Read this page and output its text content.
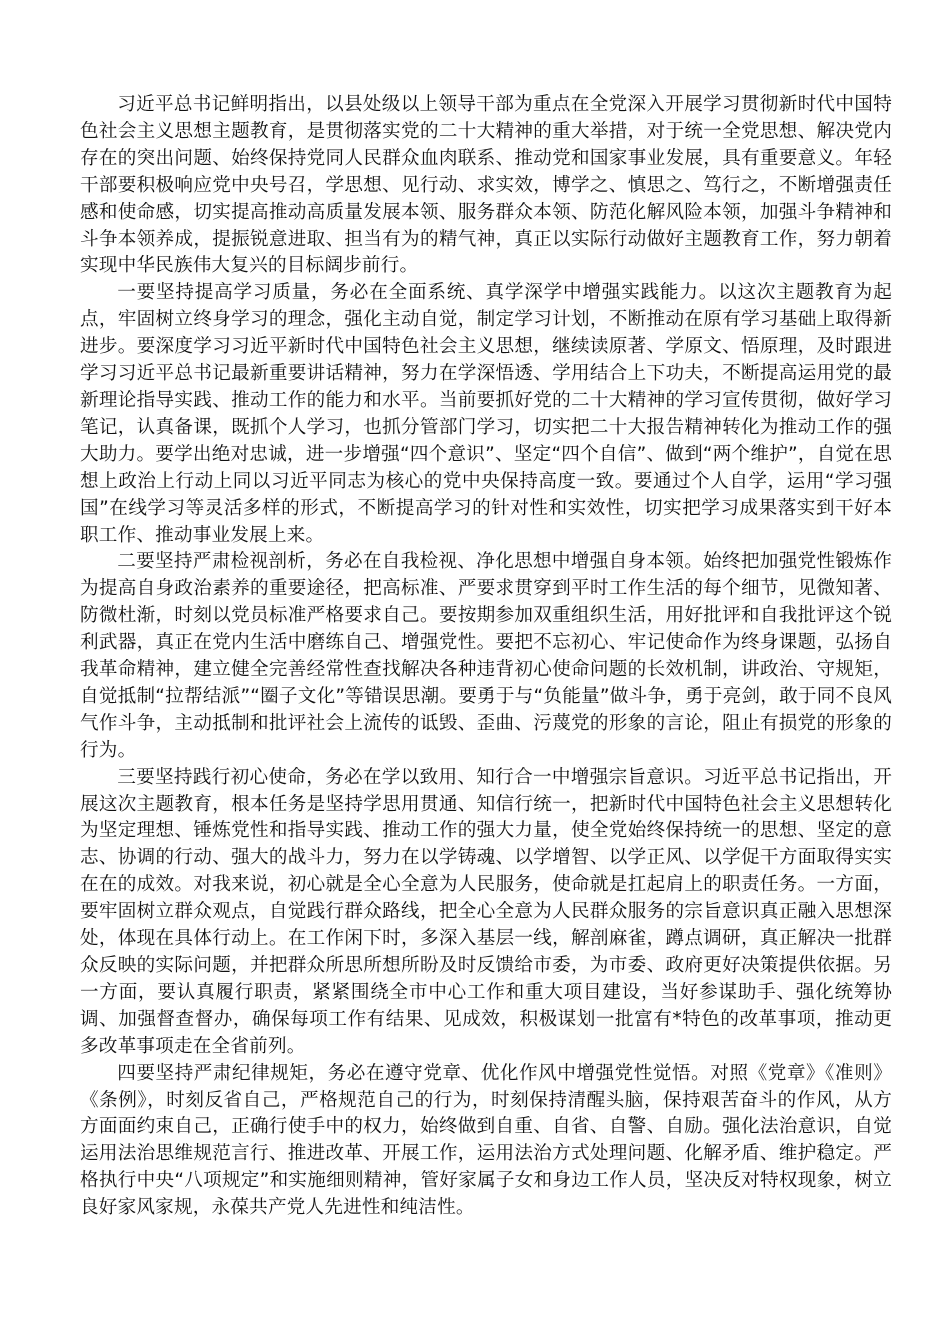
习近平总书记鲜明指出，以县处级以上领导干部为重点在全党深入开展学习贯彻新时代中国特色社会主义思想主题教育，是贯彻落实党的二十大精神的重大举措，对于统一全党思想、解决党内存在的突出问题、始终保持党同人民群众血肉联系、推动党和国家事业发展，具有重要意义。年轻干部要积极响应党中央号召，学思想、见行动、求实效，博学之、慎思之、笃行之，不断增强责任感和使命感，切实提高推动高质量发展本领、服务群众本领、防范化解风险本领，加强斗争精神和斗争本领养成，提振锐意进取、担当有为的精气神，真正以实际行动做好主题教育工作，努力朝着实现中华民族伟大复兴的目标阔步前行。

一要坚持提高学习质量，务必在全面系统、真学深学中增强实践能力。以这次主题教育为起点，牢固树立终身学习的理念，强化主动自觉，制定学习计划，不断推动在原有学习基础上取得新进步。要深度学习习近平新时代中国特色社会主义思想，继续读原著、学原文、悟原理，及时跟进学习习近平总书记最新重要讲话精神，努力在学深悟透、学用结合上下功夫，不断提高运用党的最新理论指导实践、推动工作的能力和水平。当前要抓好党的二十大精神的学习宣传贯彻，做好学习笔记，认真备课，既抓个人学习，也抓分管部门学习，切实把二十大报告精神转化为推动工作的强大助力。要学出绝对忠诚，进一步增强“四个意识”、坚定“四个自信”、做到“两个维护”，自觉在思想上政治上行动上同以习近平同志为核心的党中央保持高度一致。要通过个人自学，运用“学习强国”在线学习等灵活多样的形式，不断提高学习的针对性和实效性，切实把学习成果落实到干好本职工作、推动事业发展上来。

二要坚持严肃检视剖析，务必在自我检视、净化思想中增强自身本领。始终把加强党性锻炼作为提高自身政治素养的重要途径，把高标准、严要求贯穿到平时工作生活的每个细节，见微知著、防微杜渐，时刻以党员标准严格要求自己。要按期参加双重组织生活，用好批评和自我批评这个锐利武器，真正在党内生活中磨练自己、增强党性。要把不忘初心、牢记使命作为终身课题，弘扬自我革命精神，建立健全完善经常性查找解决各种违背初心使命问题的长效机制，讲政治、守规矩，自觉抵制“拉帮结派”“圈子文化”等错误思潮。要勇于与“负能量”做斗争，勇于亮剑，敢于同不良风气作斗争，主动抵制和批评社会上流传的诋毁、歪曲、污蔑党的形象的言论，阻止有损党的形象的行为。

三要坚持践行初心使命，务必在学以致用、知行合一中增强宗旨意识。习近平总书记指出，开展这次主题教育，根本任务是坚持学思用贯通、知信行统一，把新时代中国特色社会主义思想转化为坚定理想、锤炼党性和指导实践、推动工作的强大力量，使全党始终保持统一的思想、坚定的意志、协调的行动、强大的战斗力，努力在以学铸魂、以学增智、以学正风、以学促干方面取得实实在在的成效。对我来说，初心就是全心全意为人民服务，使命就是扛起肩上的职责任务。一方面，要牢固树立群众观点，自觉践行群众路线，把全心全意为人民群众服务的宗旨意识真正融入思想深处，体现在具体行动上。在工作闲下时，多深入基层一线，解剖麻雀，蹲点调研，真正解决一批群众反映的实际问题，并把群众所思所想所盼及时反馈给市委，为市委、政府更好决策提供依据。另一方面，要认真履行职责，紧紧围绕全市中心工作和重大项目建设，当好参谋助手、强化统筹协调、加强督查督办，确保每项工作有结果、见成效，积极谋划一批富有*特色的改革事项，推动更多改革事项走在全省前列。

四要坚持严肃纪律规矩，务必在遵守党章、优化作风中增强党性觉悟。对照《党章》《准则》《条例》，时刻反省自己，严格规范自己的行为，时刻保持清醒头脑，保持艰苦奋斗的作风，从方方面面约束自己，正确行使手中的权力，始终做到自重、自省、自警、自励。强化法治意识，自觉运用法治思维规范言行、推进改革、开展工作，运用法治方式处理问题、化解矛盾、维护稳定。严格执行中央“八项规定”和实施细则精神，管好家属子女和身边工作人员，坚决反对特权现象，树立良好家风家规，永葆共产党人先进性和纯洁性。
